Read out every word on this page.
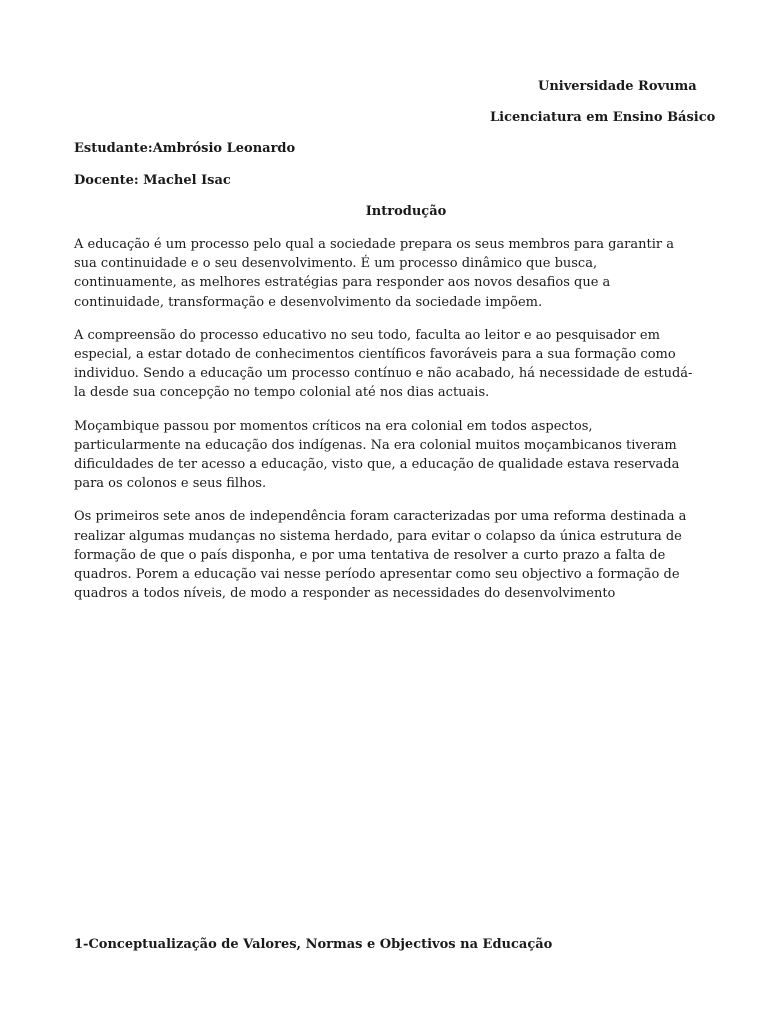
Universidade Rovuma
Licenciatura em Ensino Básico
Estudante:Ambrósio Leonardo
Docente: Machel Isac
Introdução

A educação é um processo pelo qual a sociedade prepara os seus membros para garantir a sua continuidade e o seu desenvolvimento. É um processo dinâmico que busca, continuamente, as melhores estratégias para responder aos novos desafios que a continuidade, transformação e desenvolvimento da sociedade impõem.

A compreensão do processo educativo no seu todo, faculta ao leitor e ao pesquisador em especial, a estar dotado de conhecimentos científicos favoráveis para a sua formação como individuo. Sendo a educação um processo contínuo e não acabado, há necessidade de estudá-la desde sua concepção no tempo colonial até nos dias actuais.

Moçambique passou por momentos críticos na era colonial em todos aspectos, particularmente na educação dos indígenas. Na era colonial muitos moçambicanos tiveram dificuldades de ter acesso a educação, visto que, a educação de qualidade estava reservada para os colonos e seus filhos.

Os primeiros sete anos de independência foram caracterizadas por uma reforma destinada a realizar algumas mudanças no sistema herdado, para evitar o colapso da única estrutura de formação de que o país disponha, e por uma tentativa de resolver a curto prazo a falta de quadros. Porem a educação vai nesse período apresentar como seu objectivo a formação de quadros a todos níveis, de modo a responder as necessidades do desenvolvimento

1-Conceptualização de Valores, Normas e Objectivos na Educação
